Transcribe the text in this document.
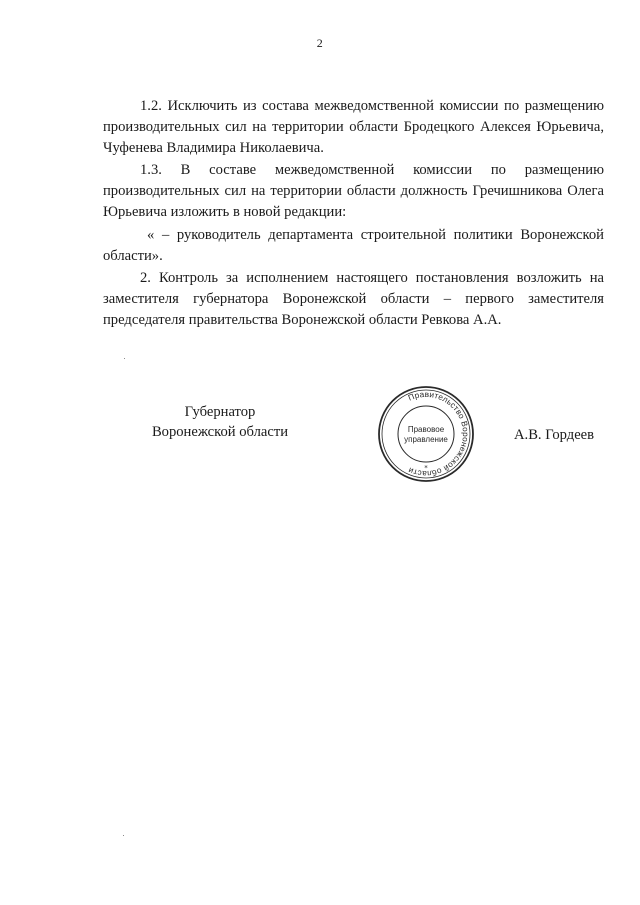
2

1.2. Исключить из состава межведомственной комиссии по размещению производительных сил на территории области Бродецкого Алексея Юрьевича, Чуфенева Владимира Николаевича.

1.3. В составе межведомственной комиссии по размещению производительных сил на территории области должность Гречишникова Олега Юрьевича изложить в новой редакции:

« – руководитель департамента строительной политики Воронежской области».

2. Контроль за исполнением настоящего постановления возложить на заместителя губернатора Воронежской области – первого заместителя председателя правительства Воронежской области Ревкова А.А.

Губернатор
Воронежской области
Правительство Воронежской области
Правовое
управление
*
А.В. Гордеев
